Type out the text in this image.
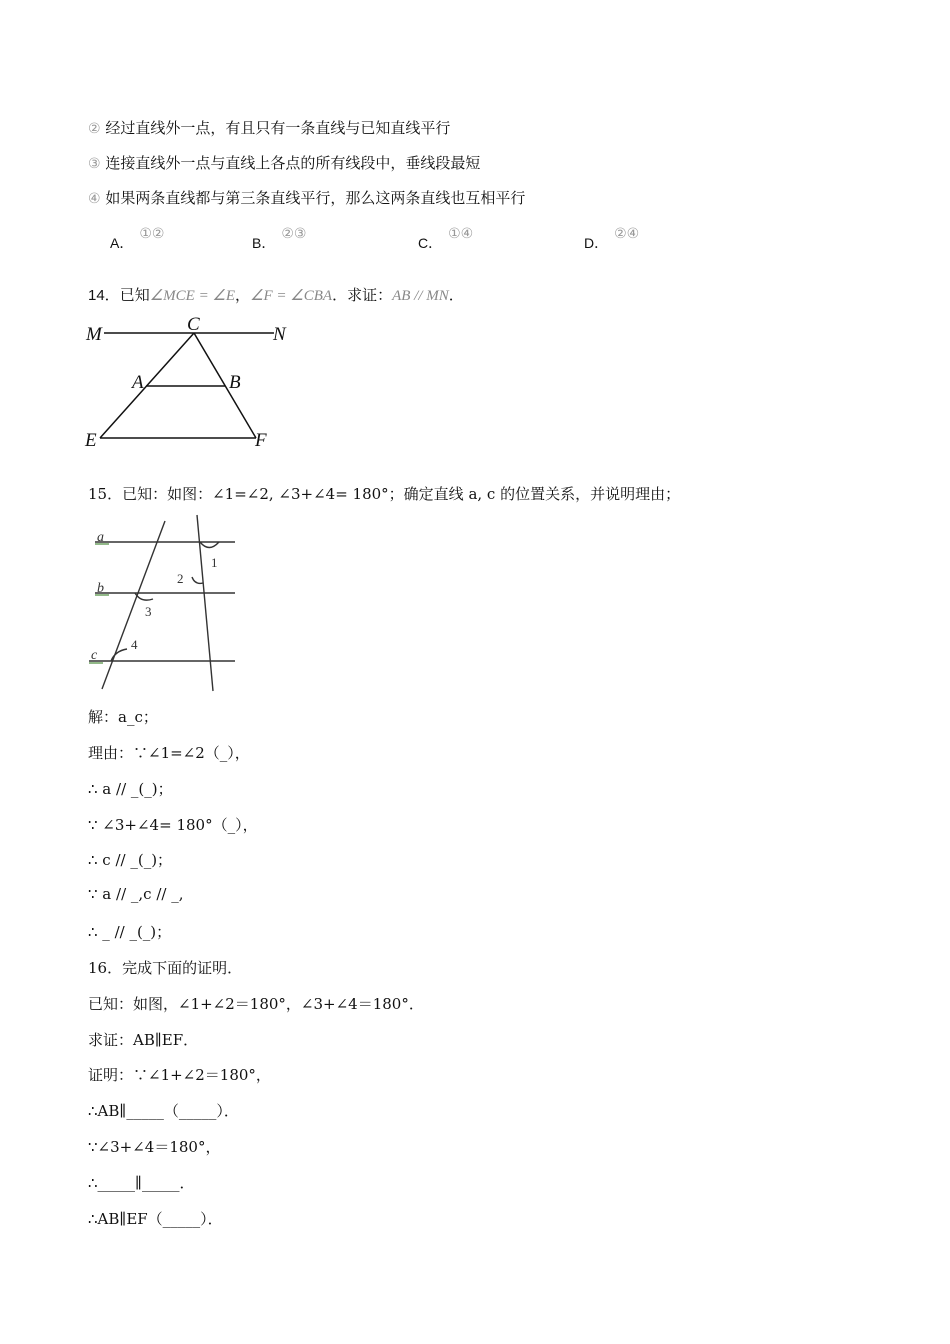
② 经过直线外一点，有且只有一条直线与已知直线平行
③ 连接直线外一点与直线上各点的所有线段中，垂线段最短
④ 如果两条直线都与第三条直线平行，那么这两条直线也互相平行
A．①②
B．②③
C．①④
D．②④
14．已知∠MCE = ∠E，∠F = ∠CBA．求证：AB // MN．
M	C	N
A	B
E	F
15．已知：如图：∠1=∠2, ∠3+∠4= 180°；确定直线 a, c 的位置关系，并说明理由；
a
b
c
1
2
3
4
解：a_c；
理由：∵∠1=∠2（_），
∴ a // _(_)；
∵ ∠3+∠4= 180°（_），
∴ c // _(_)；
∵ a // _,c // _,
∴ _ // _(_)；
16．完成下面的证明．
已知：如图，∠1+∠2＝180°，∠3+∠4＝180°．
求证：AB∥EF．
证明：∵∠1+∠2＝180°，
∴AB∥_____（_____）．
∵∠3+∠4＝180°，
∴_____∥_____．
∴AB∥EF（_____）．
